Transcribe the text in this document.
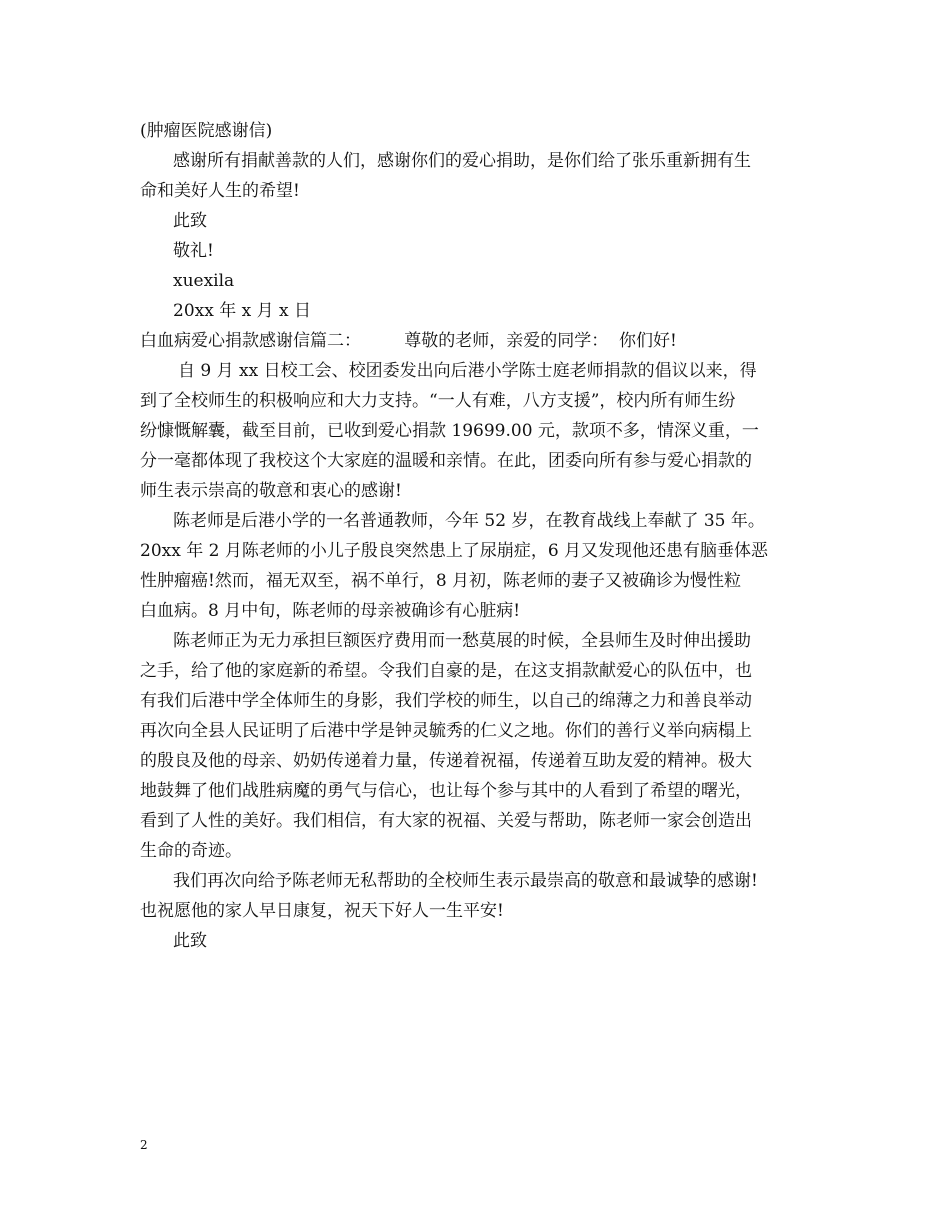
(肿瘤医院感谢信)
感谢所有捐献善款的人们，感谢你们的爱心捐助，是你们给了张乐重新拥有生
命和美好人生的希望!
此致
敬礼!
xuexila
20xx 年 x 月 x 日
白血病爱心捐款感谢信篇二：        尊敬的老师，亲爱的同学：  你们好!
自 9 月 xx 日校工会、校团委发出向后港小学陈士庭老师捐款的倡议以来，得
到了全校师生的积极响应和大力支持。“一人有难，八方支援”，校内所有师生纷
纷慷慨解囊，截至目前，已收到爱心捐款 19699.00 元，款项不多，情深义重，一
分一毫都体现了我校这个大家庭的温暖和亲情。在此，团委向所有参与爱心捐款的
师生表示崇高的敬意和衷心的感谢!
陈老师是后港小学的一名普通教师，今年 52 岁，在教育战线上奉献了 35 年。
20xx 年 2 月陈老师的小儿子殷良突然患上了尿崩症，6 月又发现他还患有脑垂体恶
性肿瘤癌!然而，福无双至，祸不单行，8 月初，陈老师的妻子又被确诊为慢性粒
白血病。8 月中旬，陈老师的母亲被确诊有心脏病!
陈老师正为无力承担巨额医疗费用而一愁莫展的时候，全县师生及时伸出援助
之手，给了他的家庭新的希望。令我们自豪的是，在这支捐款献爱心的队伍中，也
有我们后港中学全体师生的身影，我们学校的师生，以自己的绵薄之力和善良举动
再次向全县人民证明了后港中学是钟灵毓秀的仁义之地。你们的善行义举向病榻上
的殷良及他的母亲、奶奶传递着力量，传递着祝福，传递着互助友爱的精神。极大
地鼓舞了他们战胜病魔的勇气与信心，也让每个参与其中的人看到了希望的曙光，
看到了人性的美好。我们相信，有大家的祝福、关爱与帮助，陈老师一家会创造出
生命的奇迹。
我们再次向给予陈老师无私帮助的全校师生表示最崇高的敬意和最诚挚的感谢!
也祝愿他的家人早日康复，祝天下好人一生平安!
此致
2
